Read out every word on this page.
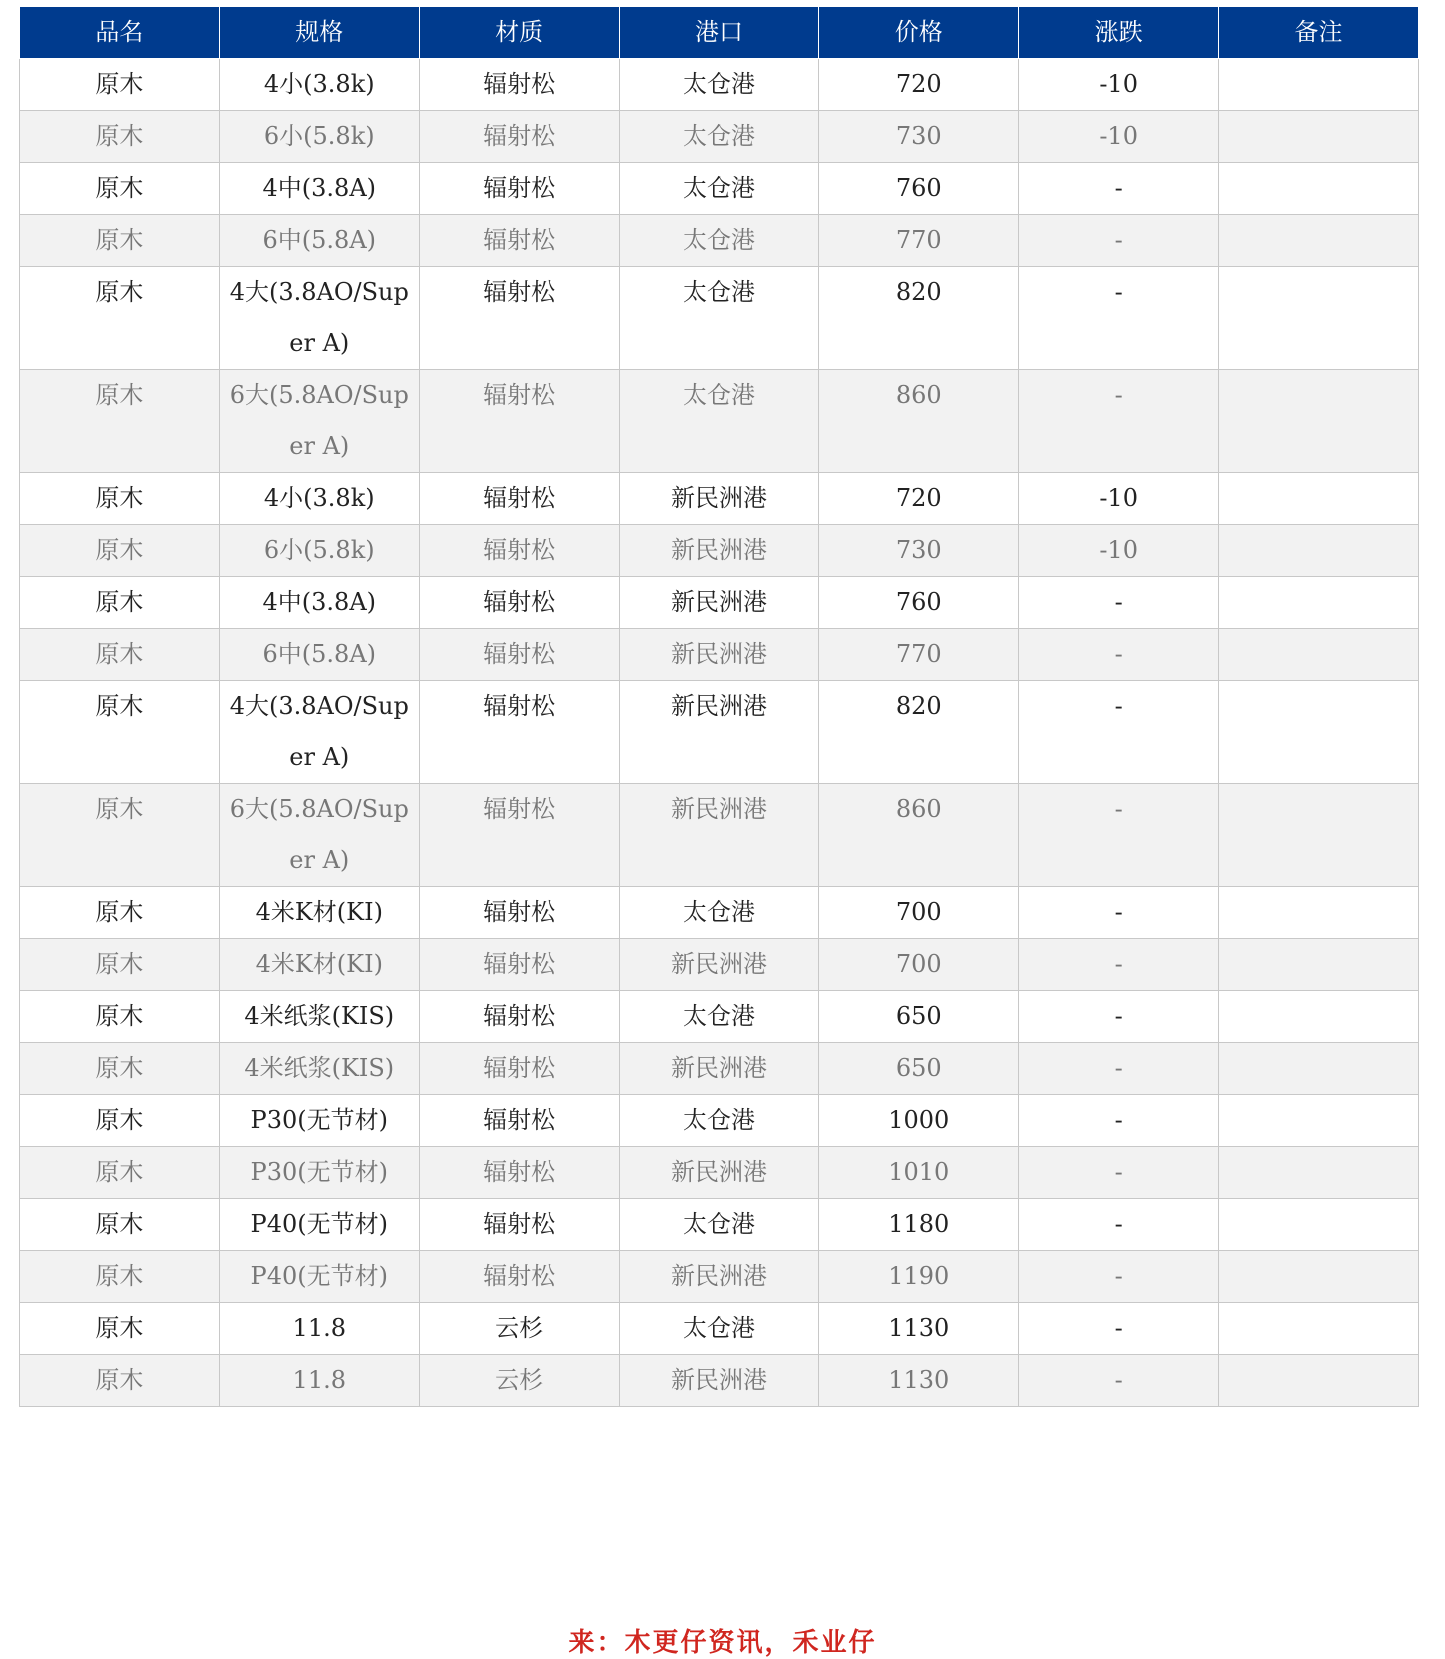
品名	规格	材质	港口	价格	涨跌	备注
原木	4小(3.8k)	辐射松	太仓港	720	-10	
原木	6小(5.8k)	辐射松	太仓港	730	-10	
原木	4中(3.8A)	辐射松	太仓港	760	-	
原木	6中(5.8A)	辐射松	太仓港	770	-	
原木	4大(3.8AO/Super A)	辐射松	太仓港	820	-	
原木	6大(5.8AO/Super A)	辐射松	太仓港	860	-	
原木	4小(3.8k)	辐射松	新民洲港	720	-10	
原木	6小(5.8k)	辐射松	新民洲港	730	-10	
原木	4中(3.8A)	辐射松	新民洲港	760	-	
原木	6中(5.8A)	辐射松	新民洲港	770	-	
原木	4大(3.8AO/Super A)	辐射松	新民洲港	820	-	
原木	6大(5.8AO/Super A)	辐射松	新民洲港	860	-	
原木	4米K材(KI)	辐射松	太仓港	700	-	
原木	4米K材(KI)	辐射松	新民洲港	700	-	
原木	4米纸浆(KIS)	辐射松	太仓港	650	-	
原木	4米纸浆(KIS)	辐射松	新民洲港	650	-	
原木	P30(无节材)	辐射松	太仓港	1000	-	
原木	P30(无节材)	辐射松	新民洲港	1010	-	
原木	P40(无节材)	辐射松	太仓港	1180	-	
原木	P40(无节材)	辐射松	新民洲港	1190	-	
原木	11.8	云杉	太仓港	1130	-	
原木	11.8	云杉	新民洲港	1130	-	
来：木更仔资讯，禾业仔
